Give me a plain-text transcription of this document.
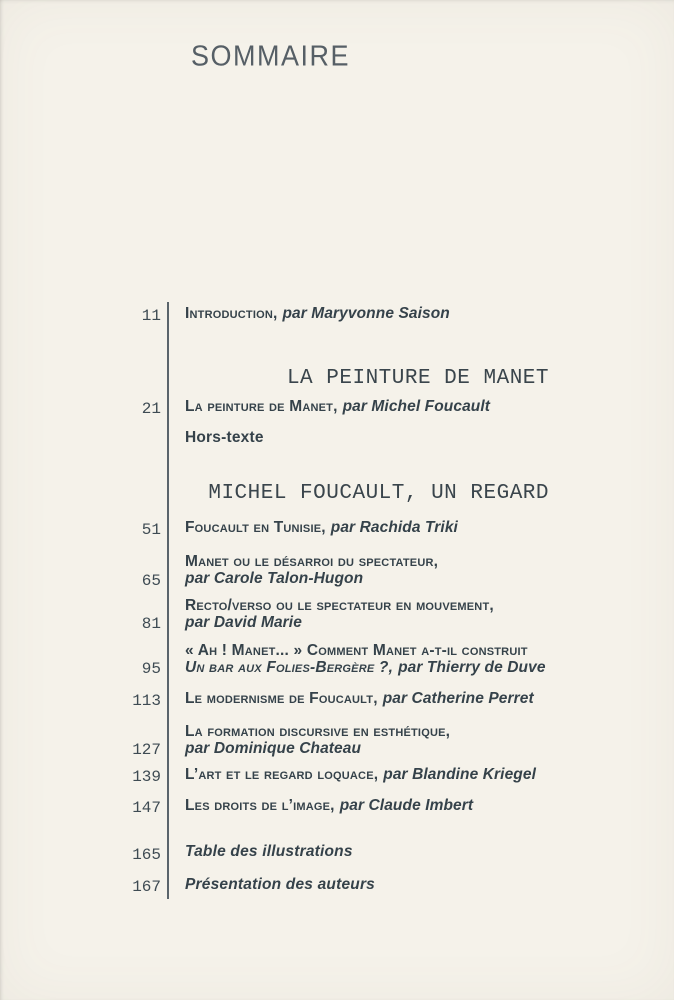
SOMMAIRE
11 Introduction, par Maryvonne Saison
LA PEINTURE DE MANET
21 La peinture de Manet, par Michel Foucault
Hors-texte
MICHEL FOUCAULT, UN REGARD
51 Foucault en Tunisie, par Rachida Triki
65
Manet ou le désarroi du spectateur,
par Carole Talon-Hugon
81
Recto/verso ou le spectateur en mouvement,
par David Marie
95
« Ah ! Manet... » Comment Manet a-t-il construit
Un bar aux Folies-Bergère ?, par Thierry de Duve
113 Le modernisme de Foucault, par Catherine Perret
127
La formation discursive en esthétique,
par Dominique Chateau
139 L’art et le regard loquace, par Blandine Kriegel
147 Les droits de l’image, par Claude Imbert
165 Table des illustrations
167 Présentation des auteurs
